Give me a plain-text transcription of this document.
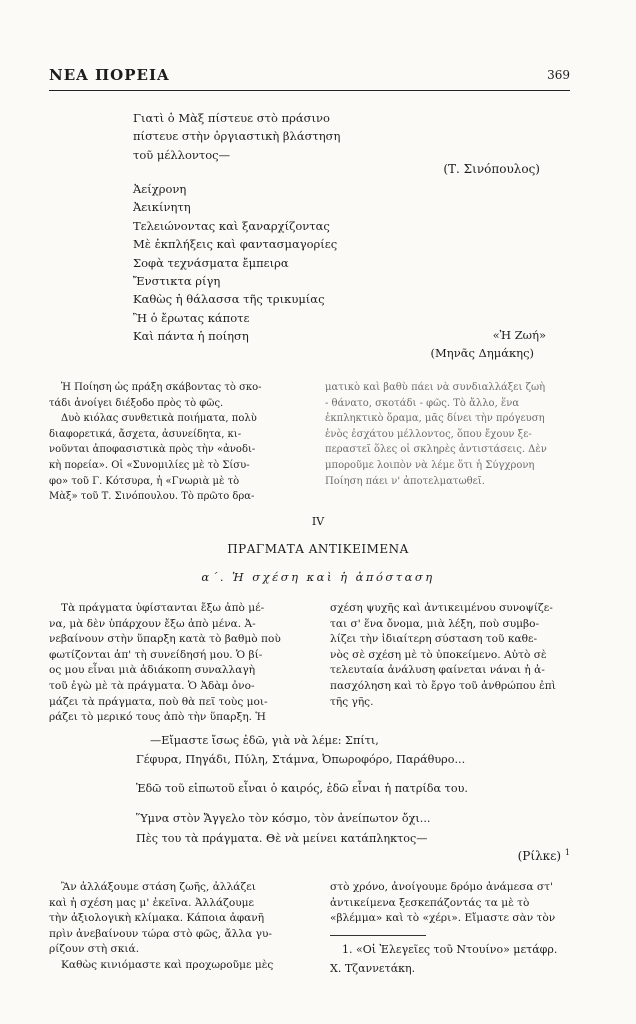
ΝΕΑ ΠΟΡΕΙΑ	369
Γιατὶ ὁ Μὰξ πίστευε στὸ πράσινο
πίστευε στὴν ὀργιαστικὴ βλάστηση
τοῦ μέλλοντος—
(Τ. Σινόπουλος)
Ἀείχρονη
Ἀεικίνητη
Τελειώνοντας καὶ ξαναρχίζοντας
Μὲ ἐκπλήξεις καὶ φαντασμαγορίες
Σοφὰ τεχνάσματα ἔμπειρα
Ἔνστικτα ρίγη
Καθὼς ἡ θάλασσα τῆς τρικυμίας
Ἢ ὁ ἔρωτας κάποτε
Καὶ πάντα ἡ ποίηση	«Ἡ Ζωή»
(Μηνᾶς Δημάκης)
Ἡ Ποίηση ὡς πράξη σκάβοντας τὸ σκο-
τάδι ἀνοίγει διέξοδο πρὸς τὸ φῶς.
Δυὸ κιόλας συνθετικὰ ποιήματα, πολὺ
διαφορετικά, ἄσχετα, ἀσυνείδητα, κι-
νοῦνται ἀποφασιστικὰ πρὸς τὴν «ἀνοδι-
κὴ πορεία». Οἱ «Συνομιλίες μὲ τὸ Σίσυ-
φο» τοῦ Γ. Κότσυρα, ἡ «Γνωριὰ μὲ τὸ
Μὰξ» τοῦ Τ. Σινόπουλου. Τὸ πρῶτο δρα-
ματικὸ καὶ βαθὺ πάει νὰ συνδιαλλάξει ζωὴ
- θάνατο, σκοτάδι - φῶς. Τὸ ἄλλο, ἕνα
ἐκπληκτικὸ ὅραμα, μᾶς δίνει τὴν πρόγευση
ἑνὸς ἐσχάτου μέλλοντος, ὅπου ἔχουν ξε-
περαστεῖ ὅλες οἱ σκληρὲς ἀντιστάσεις. Δὲν
μποροῦμε λοιπὸν νὰ λέμε ὅτι ἡ Σύγχρονη
Ποίηση πάει ν' ἀποτελματωθεῖ.
IV
ΠΡΑΓΜΑΤΑ ΑΝΤΙΚΕΙΜΕΝΑ
α΄. Ἡ σχέση καὶ ἡ ἀπόσταση
Τὰ πράγματα ὑφίστανται ἔξω ἀπὸ μέ-
να, μὰ δὲν ὑπάρχουν ἔξω ἀπὸ μένα. Ἀ-
νεβαίνουν στὴν ὕπαρξη κατὰ τὸ βαθμὸ ποὺ
φωτίζονται ἀπ' τὴ συνείδησή μου. Ὁ βί-
ος μου εἶναι μιὰ ἀδιάκοπη συναλλαγὴ
τοῦ ἐγὼ μὲ τὰ πράγματα. Ὁ Ἀδὰμ ὀνο-
μάζει τὰ πράγματα, ποὺ θὰ πεῖ τοὺς μοι-
ράζει τὸ μερικό τους ἀπὸ τὴν ὕπαρξη. Ἡ
σχέση ψυχῆς καὶ ἀντικειμένου συνοψίζε-
ται σ' ἕνα ὄνομα, μιὰ λέξη, ποὺ συμβο-
λίζει τὴν ἰδιαίτερη σύσταση τοῦ καθε-
νὸς σὲ σχέση μὲ τὸ ὑποκείμενο. Αὐτὸ σὲ
τελευταία ἀνάλυση φαίνεται νάναι ἡ ἀ-
πασχόληση καὶ τὸ ἔργο τοῦ ἀνθρώπου ἐπὶ
τῆς γῆς.
—Εἴμαστε ἴσως ἐδῶ, γιὰ νὰ λέμε: Σπίτι,
Γέφυρα, Πηγάδι, Πύλη, Στάμνα, Ὀπωροφόρο, Παράθυρο...
Ἐδῶ τοῦ εἰπωτοῦ εἶναι ὁ καιρός, ἐδῶ εἶναι ἡ πατρίδα του.
Ὕμνα στὸν Ἄγγελο τὸν κόσμο, τὸν ἀνείπωτον ὄχι...
Πὲς του τὰ πράγματα. Θὲ νὰ μείνει κατάπληκτος—
(Ρίλκε) $^1$
Ἂν ἀλλάξουμε στάση ζωῆς, ἀλλάζει
καὶ ἡ σχέση μας μ' ἐκεῖνα. Ἀλλάζουμε
τὴν ἀξιολογικὴ κλίμακα. Κάποια ἀφανῆ
πρὶν ἀνεβαίνουν τώρα στὸ φῶς, ἄλλα γυ-
ρίζουν στὴ σκιά.
Καθὼς κινιόμαστε καὶ προχωροῦμε μὲς
στὸ χρόνο, ἀνοίγουμε δρόμο ἀνάμεσα στ'
ἀντικείμενα ξεσκεπάζοντάς τα μὲ τὸ
«βλέμμα» καὶ τὸ «χέρι». Εἴμαστε σὰν τὸν
1. «Οἱ Ἐλεγεῖες τοῦ Ντουίνο» μετάφρ.
Χ. Τζαννετάκη.
